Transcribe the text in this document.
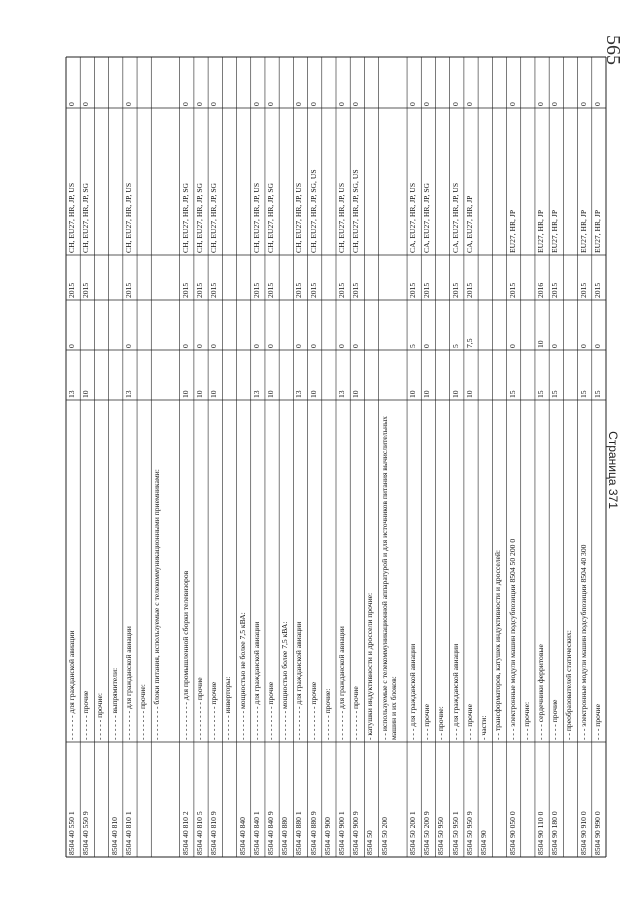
0
CH, EU27, HR, JP, US
2015
0
13
- - - - - - для гражданской авиации
8504 40 550 1
0
CH, EU27, HR, JP, SG
2015
10
- - - - - - прочие
8504 40 550 9
- - - - - прочие: - - - - - - выпрямители:
8504 40 810
0
CH, EU27, HR, JP, US
2015
0
13
- - - - - - - для гражданской авиации
8504 40 810 1
- - - - - - - прочие: - - - - - - - - блоки питания, используемые с телекоммуникационными приемниками:
0
CH, EU27, HR, JP, SG
2015
0
10
- - - - - - - - - для промышленной сборки телевизоров
8504 40 810 2
0
CH, EU27, HR, JP, SG
2015
0
10
- - - - - - - - - прочие
8504 40 810 5
0
CH, EU27, HR, JP, SG
2015
0
10
- - - - - - - - прочие
8504 40 810 9
- - - - - - инверторы: - - - - - - - мощностью не более 7,5 кВА:
8504 40 840
0
CH, EU27, HR, JP, US
2015
0
13
- - - - - - - - для гражданской авиации
8504 40 840 1
0
CH, EU27, HR, JP, SG
2015
0
10
- - - - - - - - прочие
8504 40 840 9
- - - - - - - мощностью более 7,5 кВА:
8504 40 880
0
CH, EU27, HR, JP, US
2015
0
13
- - - - - - - - для гражданской авиации
8504 40 880 1
0
CH, EU27, HR, JP, SG, US
2015
0
10
- - - - - - - - прочие
8504 40 880 9
- - - - - - прочие:
8504 40 900
0
CH, EU27, HR, JP, US
2015
0
13
- - - - - - - для гражданской авиации
8504 40 900 1
0
CH, EU27, HR, JP, SG, US
2015
0
10
- - - - - - - прочие
8504 40 900 9
- катушки индуктивности и дроссели прочие:
8504 50
- - используемые с телекоммуникационной аппаратурой и для источников питания вычислительных машин и их блоков:
8504 50 200
0
CA, EU27, HR, JP, US
2015
5
10
- - - для гражданской авиации
8504 50 200 1
0
CA, EU27, HR, JP, SG
2015
0
10
- - - прочие
8504 50 200 9
- - прочие:
8504 50 950
0
CA, EU27, HR, JP, US
2015
5
10
- - - для гражданской авиации
8504 50 950 1
0
CA, EU27, HR, JP
2015
7,5
10
- - - прочие
8504 50 950 9
- части:
8504 90
- - трансформаторов, катушек индуктивности и дросселей:
0
EU27, HR, JP
2015
0
15
- - - электронные модули машин подсубпозиции 8504 50 200 0
8504 90 050 0
- - - прочие:
0
EU27, HR, JP
2016
10
15
- - - - сердечники ферритовые
8504 90 110 0
0
EU27, HR, JP
2015
0
15
- - - - прочие
8504 90 180 0
- - преобразователей статических:
0
EU27, HR, JP
2015
0
15
- - - электронные модули машин подсубпозиции 8504 40 300
8504 90 910 0
0
EU27, HR, JP
2015
0
15
- - - прочие
8504 90 990 0
565
Страница 371
